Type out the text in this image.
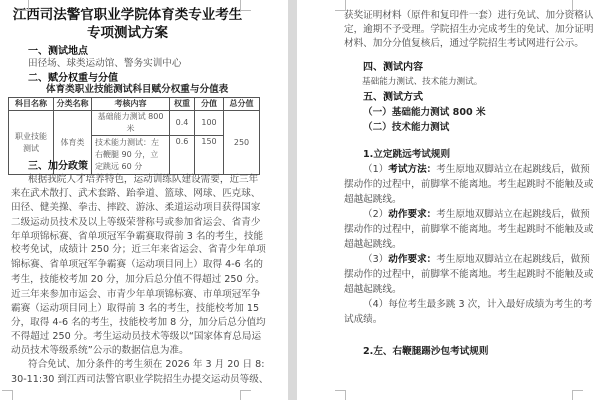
江西司法警官职业学院体育类专业考生
专项测试方案
一、测试地点
田径场、球类运动馆、警务实训中心
二、赋分权重与分值
体育类职业技能测试科目赋分权重与分值表
科目名称	分类名称	考核内容	权重	分值	总分值
职业技能测试	体育类	基础能力测试 800 米	0.4	100	250
		技术能力测试：左右鞭腿 90 分，立定跳远 60 分	0.6	150	
三、加分政策
根据我院人才培养特色，运动训练队建设需要，近三年
来在武术散打、武术套路、跆拳道、篮球、网球、匹克球、
田径、健美操、拳击、摔跤、游泳、柔道运动项目获得国家
二级运动员技术及以上等级荣誉称号或参加省运会、省青少
年单项锦标赛、省单项冠军争霸赛取得前 3 名的考生，技能
校考免试，成绩计 250 分；近三年来省运会、省青少年单项
锦标赛、省单项冠军争霸赛（运动项目同上）取得 4-6 名的
考生，技能校考加 20 分，加分后总分值不得超过 250 分。
近三年来参加市运会、市青少年单项锦标赛、市单项冠军争
霸赛（运动项目同上）取得前 3 名的考生，技能校考加 15
分，取得 4-6 名的考生，技能校考加 8 分，加分后总分值均
不得超过 250 分。考生运动员技术等级以“国家体育总局运
动员技术等级系统”公示的数据信息为准。
符合免试、加分条件的考生须在 2026 年 3 月 20 日 8:
30-11:30 到江西司法警官职业学院招生办提交运动员等级、
获奖证明材料（原件和复印件一套）进行免试、加分资格认
定，逾期不予受理。学院招生办完成考生的免试、加分证明
材料、加分分值复核后，通过学院招生考试网进行公示。
四、测试内容
基础能力测试、技术能力测试。
五、测试方式
（一）基础能力测试 800 米
（二）技术能力测试
1.立定跳远考试规则
（1）考试方法：考生原地双脚站立在起跳线后，做预
摆动作的过程中，前脚掌不能离地。考生起跳时不能触及或
超越起跳线。
（2）动作要求：考生原地双脚站立在起跳线后，做预
摆动作的过程中，前脚掌不能离地。考生起跳时不能触及或
超越起跳线。
（3）动作要求：考生原地双脚站立在起跳线后，做预
摆动作的过程中，前脚掌不能离地。考生起跳时不能触及或
超越起跳线。
（4）每位考生最多跳 3 次，计入最好成绩为考生的考
试成绩。
2.左、右鞭腿踢沙包考试规则
